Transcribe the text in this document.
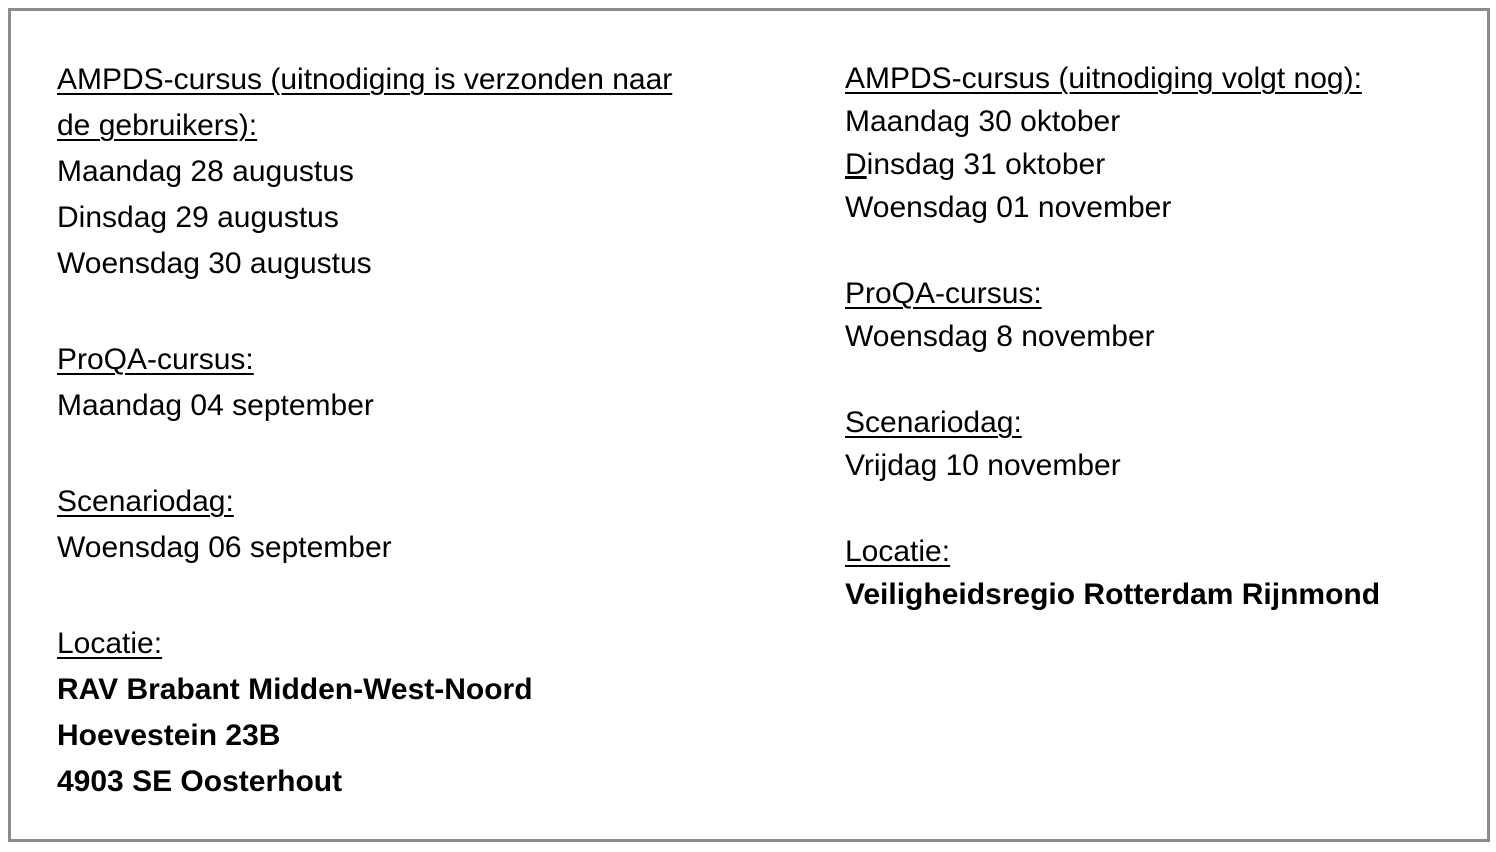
AMPDS-cursus (uitnodiging is verzonden naar
de gebruikers):
Maandag 28 augustus
Dinsdag 29 augustus
Woensdag 30 augustus
ProQA-cursus:
Maandag 04 september
Scenariodag:
Woensdag 06 september
Locatie:
RAV Brabant Midden-West-Noord
Hoevestein 23B
4903 SE Oosterhout
AMPDS-cursus (uitnodiging volgt nog):
Maandag 30 oktober
Dinsdag 31 oktober
Woensdag 01 november
ProQA-cursus:
Woensdag 8 november
Scenariodag:
Vrijdag 10 november
Locatie:
Veiligheidsregio Rotterdam Rijnmond
